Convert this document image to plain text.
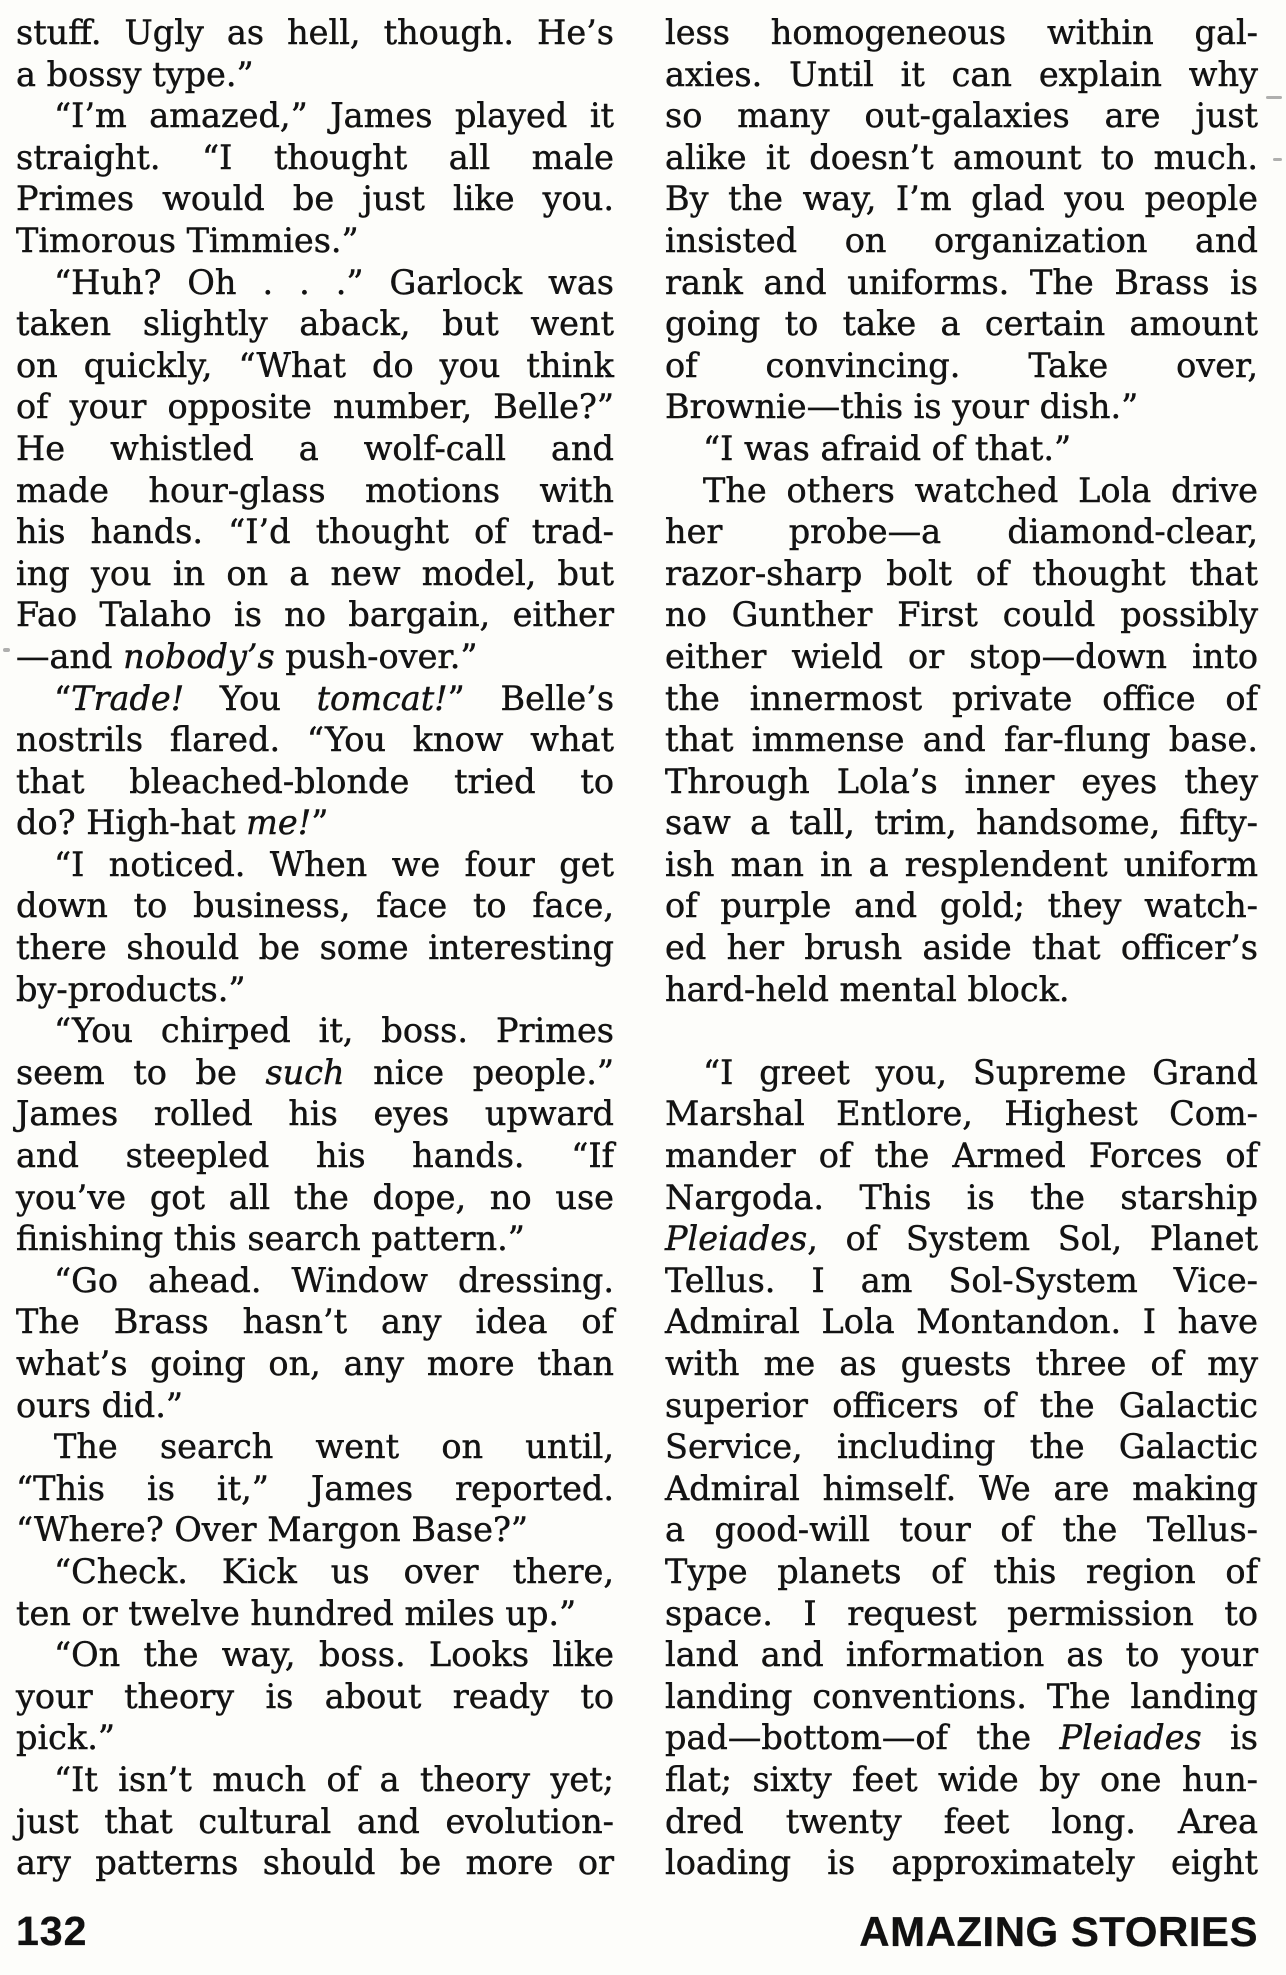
stuff. Ugly as hell, though. He’s
a bossy type.”
“I’m amazed,” James played it
straight. “I thought all male
Primes would be just like you.
Timorous Timmies.”
“Huh? Oh . . .” Garlock was
taken slightly aback, but went
on quickly, “What do you think
of your opposite number, Belle?”
He whistled a wolf-call and
made hour-glass motions with
his hands. “I’d thought of trad-
ing you in on a new model, but
Fao Talaho is no bargain, either
—and nobody’s push-over.”
“Trade! You tomcat!” Belle’s
nostrils flared. “You know what
that bleached-blonde tried to
do? High-hat me!”
“I noticed. When we four get
down to business, face to face,
there should be some interesting
by-products.”
“You chirped it, boss. Primes
seem to be such nice people.”
James rolled his eyes upward
and steepled his hands. “If
you’ve got all the dope, no use
finishing this search pattern.”
“Go ahead. Window dressing.
The Brass hasn’t any idea of
what’s going on, any more than
ours did.”
The search went on until,
“This is it,” James reported.
“Where? Over Margon Base?”
“Check. Kick us over there,
ten or twelve hundred miles up.”
“On the way, boss. Looks like
your theory is about ready to
pick.”
“It isn’t much of a theory yet;
just that cultural and evolution-
ary patterns should be more or
less homogeneous within gal-
axies. Until it can explain why
so many out-galaxies are just
alike it doesn’t amount to much.
By the way, I’m glad you people
insisted on organization and
rank and uniforms. The Brass is
going to take a certain amount
of convincing. Take over,
Brownie—this is your dish.”
“I was afraid of that.”
The others watched Lola drive
her probe—a diamond-clear,
razor-sharp bolt of thought that
no Gunther First could possibly
either wield or stop—down into
the innermost private office of
that immense and far-flung base.
Through Lola’s inner eyes they
saw a tall, trim, handsome, fifty-
ish man in a resplendent uniform
of purple and gold; they watch-
ed her brush aside that officer’s
hard-held mental block.
“I greet you, Supreme Grand
Marshal Entlore, Highest Com-
mander of the Armed Forces of
Nargoda. This is the starship
Pleiades, of System Sol, Planet
Tellus. I am Sol-System Vice-
Admiral Lola Montandon. I have
with me as guests three of my
superior officers of the Galactic
Service, including the Galactic
Admiral himself. We are making
a good-will tour of the Tellus-
Type planets of this region of
space. I request permission to
land and information as to your
landing conventions. The landing
pad—bottom—of the Pleiades is
flat; sixty feet wide by one hun-
dred twenty feet long. Area
loading is approximately eight
132	AMAZING STORIES
